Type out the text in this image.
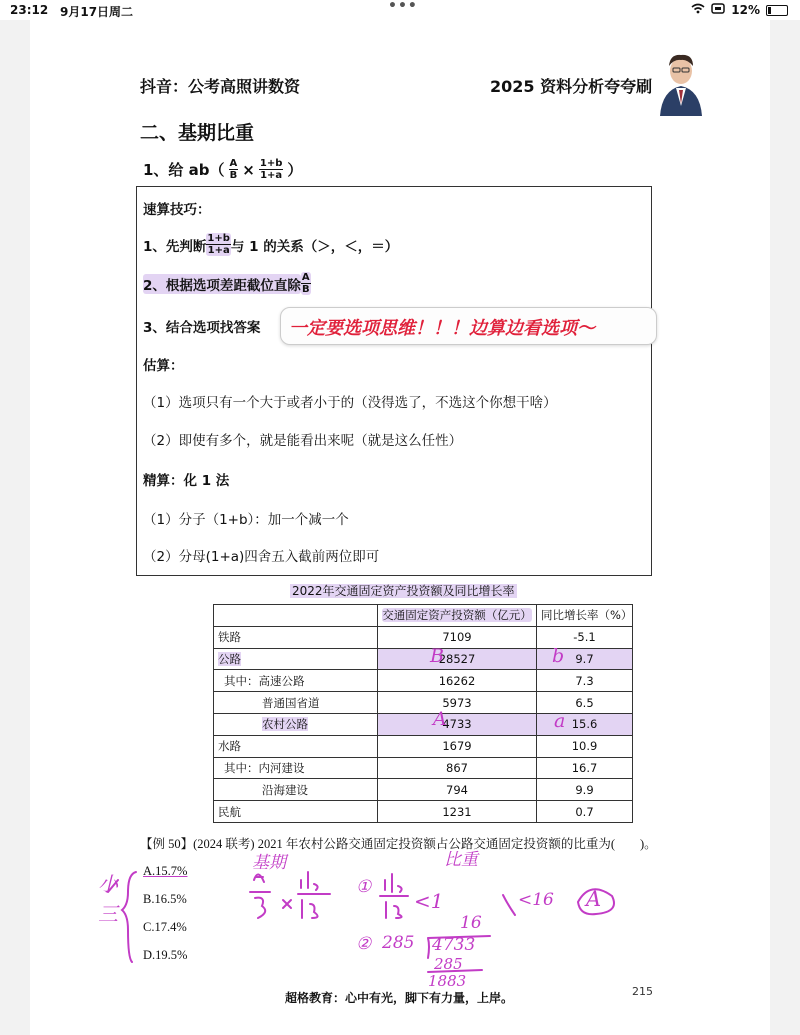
23:12 9月17日周二	•••	12%
抖音：公考高照讲数资	2025 资料分析夸夸刷
二、基期比重
1、给 $ab( \frac{A}{B} \times \frac{1+b}{1+a}$ ）
速算技巧：
1、先判断 $\frac{1+b}{1+a}$ 与 1 的关系（＞，＜，＝）
2、根据选项差距截位直除 $\frac{A}{B}$
3、结合选项找答案 一定要选项思维！！！边算边看选项～
估算：
（1）选项只有一个大于或者小于的（没得选了，不选这个你想干啥）
（2）即使有多个，就是能看出来呢（就是这么任性）
精算：化 1 法
（1）分子（1+b）：加一个减一个
（2）分母(1+a)四舍五入截前两位即可
2022年交通固定资产投资额及同比增长率
	交通固定资产投资额（亿元）	同比增长率（%）
铁路	7109	-5.1
公路	28527	9.7
其中：高速公路	16262	7.3
普通国省道	5973	6.5
农村公路	4733	15.6
水路	1679	10.9
其中：内河建设	867	16.7
沿海建设	794	9.9
民航	1231	0.7
B	b
A	a
【例 50】(2024 联考) 2021 年农村公路交通固定投资额占公路交通固定投资额的比重为(　　)。
A.15.7%
B.16.5%
C.17.4%
D.19.5%
基期	比重
小
三
①
<1	<16 A
16
② 285 4733
285
1883
超格教育：心中有光，脚下有力量，上岸。	215
